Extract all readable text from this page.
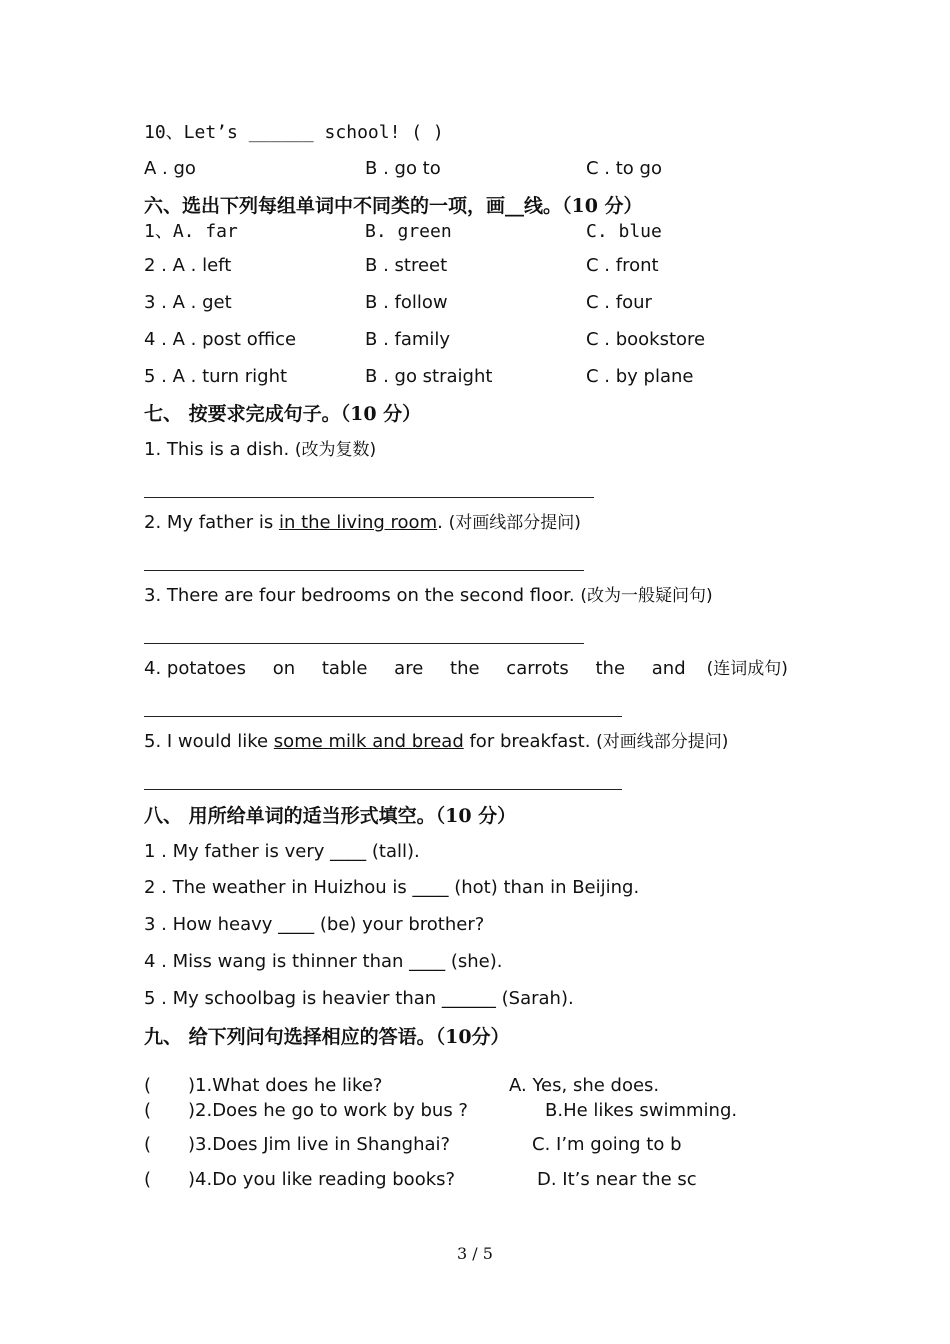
10、Let’s ______ school! ( )
A . go	B . go to	C . to go
六、选出下列每组单词中不同类的一项，画__线。（10 分）
1、A. far	B. green	C. blue
2 . A . left	B . street	C . front
3 . A . get	B . follow	C . four
4 . A . post office	B . family	C . bookstore
5 . A . turn right	B . go straight	C . by plane
七、 按要求完成句子。（10 分）
1. This is a dish. (改为复数)
2. My father is in the living room. (对画线部分提问)
3. There are four bedrooms on the second floor. (改为一般疑问句)
4. potatoes on table are the carrots the and (连词成句)
5. I would like some milk and bread for breakfast. (对画线部分提问)
八、 用所给单词的适当形式填空。（10 分）
1 . My father is very ____ (tall).
2 . The weather in Huizhou is ____ (hot) than in Beijing.
3 . How heavy ____ (be) your brother?
4 . Miss wang is thinner than ____ (she).
5 . My schoolbag is heavier than ______ (Sarah).
九、 给下列问句选择相应的答语。（10分）
( )1.What does he like?	A. Yes, she does.
( )2.Does he go to work by bus ?	B.He likes swimming.
( )3.Does Jim live in Shanghai?	C. I’m going to b
( )4.Do you like reading books?	D. It’s near the sc
3 / 5
